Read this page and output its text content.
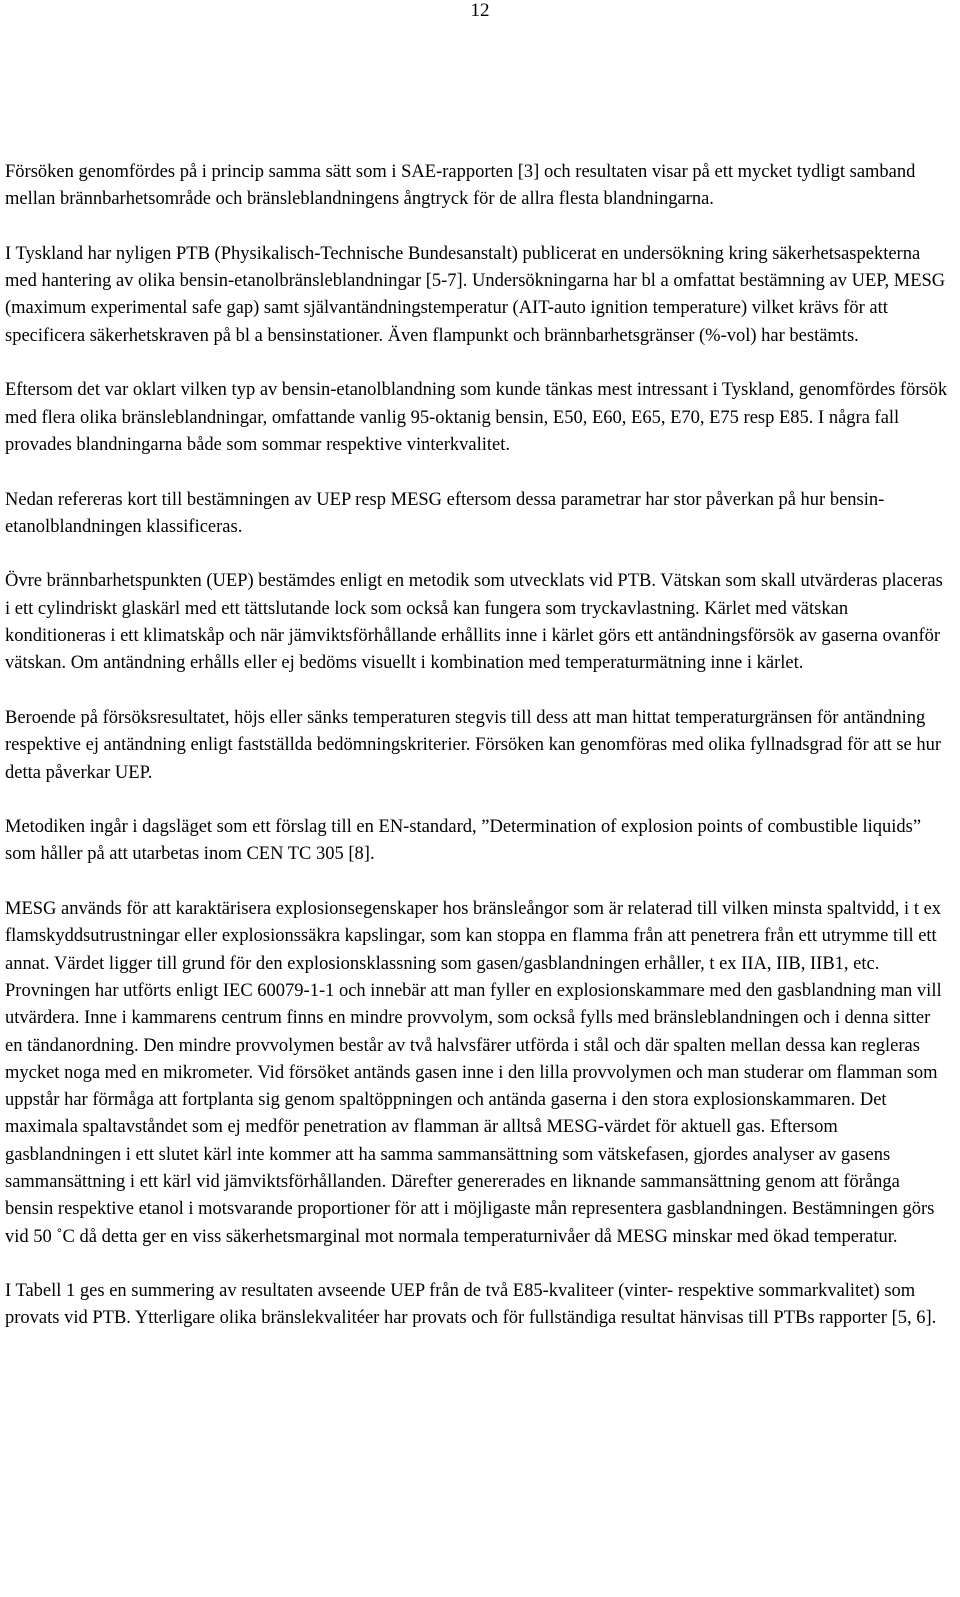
12

Försöken genomfördes på i princip samma sätt som i SAE-rapporten [3] och resultaten visar på ett mycket tydligt samband mellan brännbarhetsområde och bränsleblandningens ångtryck för de allra flesta blandningarna.

I Tyskland har nyligen PTB (Physikalisch-Technische Bundesanstalt) publicerat en undersökning kring säkerhetsaspekterna med hantering av olika bensin-etanolbränsleblandningar [5-7]. Undersökningarna har bl a omfattat bestämning av UEP, MESG (maximum experimental safe gap) samt självantändningstemperatur (AIT-auto ignition temperature) vilket krävs för att specificera säkerhetskraven på bl a bensinstationer. Även flampunkt och brännbarhetsgränser (%-vol) har bestämts.

Eftersom det var oklart vilken typ av bensin-etanolblandning som kunde tänkas mest intressant i Tyskland, genomfördes försök med flera olika bränsleblandningar, omfattande vanlig 95-oktanig bensin, E50, E60, E65, E70, E75 resp E85. I några fall provades blandningarna både som sommar respektive vinterkvalitet.

Nedan refereras kort till bestämningen av UEP resp MESG eftersom dessa parametrar har stor påverkan på hur bensin-etanolblandningen klassificeras.

Övre brännbarhetspunkten (UEP) bestämdes enligt en metodik som utvecklats vid PTB. Vätskan som skall utvärderas placeras i ett cylindriskt glaskärl med ett tättslutande lock som också kan fungera som tryckavlastning. Kärlet med vätskan konditioneras i ett klimatskåp och när jämviktsförhållande erhållits inne i kärlet görs ett antändningsförsök av gaserna ovanför vätskan. Om antändning erhålls eller ej bedöms visuellt i kombination med temperaturmätning inne i kärlet.

Beroende på försöksresultatet, höjs eller sänks temperaturen stegvis till dess att man hittat temperaturgränsen för antändning respektive ej antändning enligt fastställda bedömningskriterier. Försöken kan genomföras med olika fyllnadsgrad för att se hur detta påverkar UEP.

Metodiken ingår i dagsläget som ett förslag till en EN-standard, ”Determination of explosion points of combustible liquids” som håller på att utarbetas inom CEN TC 305 [8].

MESG används för att karaktärisera explosionsegenskaper hos bränsleångor som är relaterad till vilken minsta spaltvidd, i t ex flamskyddsutrustningar eller explosionssäkra kapslingar, som kan stoppa en flamma från att penetrera från ett utrymme till ett annat. Värdet ligger till grund för den explosionsklassning som gasen/gasblandningen erhåller, t ex IIA, IIB, IIB1, etc. Provningen har utförts enligt IEC 60079-1-1 och innebär att man fyller en explosionskammare med den gasblandning man vill utvärdera. Inne i kammarens centrum finns en mindre provvolym, som också fylls med bränsleblandningen och i denna sitter en tändanordning. Den mindre provvolymen består av två halvsfärer utförda i stål och där spalten mellan dessa kan regleras mycket noga med en mikrometer. Vid försöket antänds gasen inne i den lilla provvolymen och man studerar om flamman som uppstår har förmåga att fortplanta sig genom spaltöppningen och antända gaserna i den stora explosionskammaren. Det maximala spaltavståndet som ej medför penetration av flamman är alltså MESG-värdet för aktuell gas. Eftersom gasblandningen i ett slutet kärl inte kommer att ha samma sammansättning som vätskefasen, gjordes analyser av gasens sammansättning i ett kärl vid jämviktsförhållanden. Därefter genererades en liknande sammansättning genom att förånga bensin respektive etanol i motsvarande proportioner för att i möjligaste mån representera gasblandningen. Bestämningen görs vid 50 ˚C då detta ger en viss säkerhetsmarginal mot normala temperaturnivåer då MESG minskar med ökad temperatur.

I Tabell 1 ges en summering av resultaten avseende UEP från de två E85-kvaliteer (vinter- respektive sommarkvalitet) som provats vid PTB. Ytterligare olika bränslekvalitéer har provats och för fullständiga resultat hänvisas till PTBs rapporter [5, 6].
